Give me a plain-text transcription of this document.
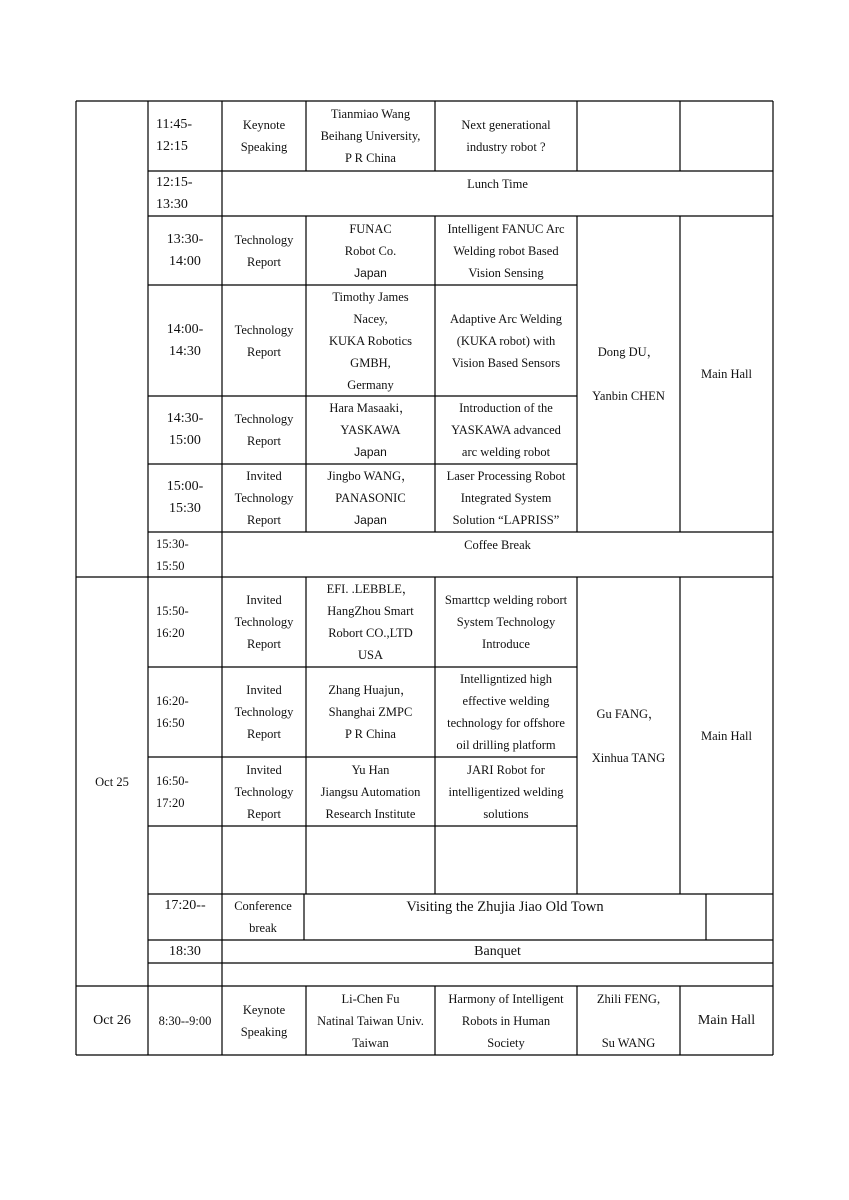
Oct 25
Oct 26
11:45-
12:15
Keynote
Speaking
Tianmiao Wang
Beihang University,
P R China
Next generational
industry robot ?
12:15-
13:30
Lunch Time
13:30-
14:00
Technology
Report
FUNAC
Robot Co.
Japan
Intelligent FANUC Arc
Welding robot Based
Vision Sensing
14:00-
14:30
Technology
Report
Timothy James
Nacey,
KUKA Robotics
GMBH,
Germany
Adaptive Arc Welding
(KUKA robot) with
Vision Based Sensors
14:30-
15:00
Technology
Report
Hara Masaaki，
YASKAWA
Japan
Introduction of the
YASKAWA advanced
arc welding robot
15:00-
15:30
Invited
Technology
Report
Jingbo WANG，
PANASONIC
Japan
Laser Processing Robot
Integrated System
Solution “LAPRISS”
Dong DU，

Yanbin CHEN
Main Hall
15:30-
15:50
Coffee Break
15:50-
16:20
Invited
Technology
Report
EFI. .LEBBLE，
HangZhou Smart
Robort CO.,LTD
USA
Smarttcp welding robort
System Technology
Introduce
16:20-
16:50
Invited
Technology
Report
Zhang Huajun，
Shanghai ZMPC
P R China
Intelligntized high
effective welding
technology for offshore
oil drilling platform
16:50-
17:20
Invited
Technology
Report
Yu Han
Jiangsu Automation
Research Institute
JARI Robot for
intelligentized welding
solutions
Gu FANG，

Xinhua TANG
Main Hall
17:20--	Conference
break
Visiting the Zhujia Jiao Old Town
18:30	Banquet
8:30--9:00
Keynote
Speaking
Li-Chen Fu
Natinal Taiwan Univ.
Taiwan
Harmony of Intelligent
Robots in Human
Society
Zhili FENG,

Su WANG
Main Hall
